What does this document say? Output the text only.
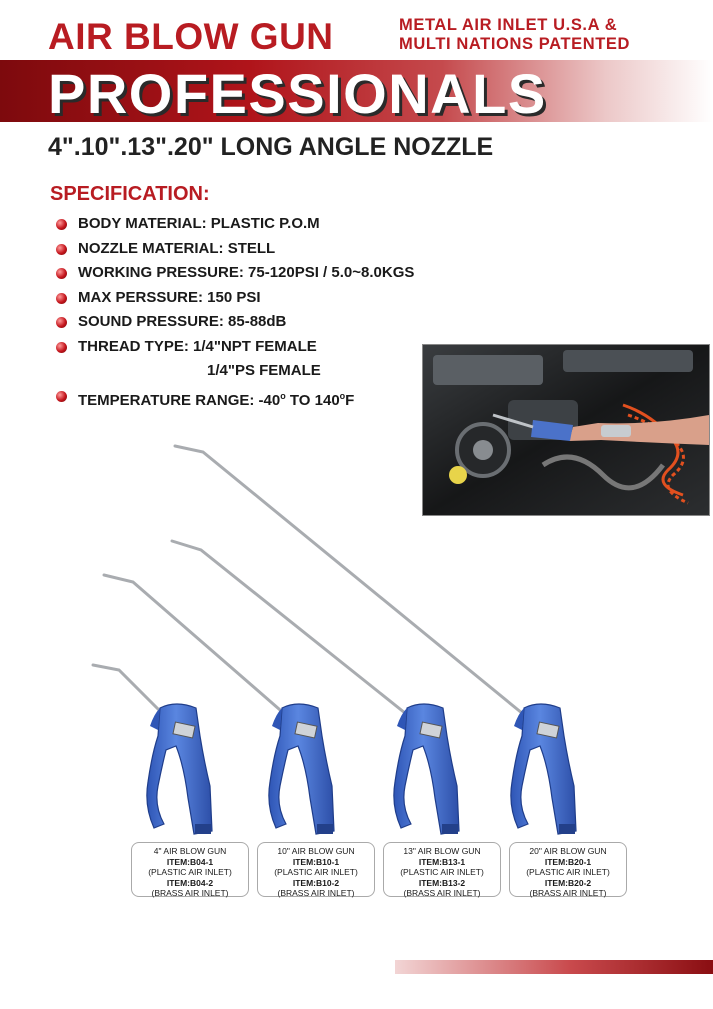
AIR BLOW GUN	METAL AIR INLET U.S.A &
MULTI NATIONS PATENTED
PROFESSIONALS
4".10".13".20" LONG ANGLE NOZZLE
SPECIFICATION:
BODY MATERIAL: PLASTIC P.O.M
NOZZLE MATERIAL: STELL
WORKING PRESSURE: 75-120PSI / 5.0~8.0KGS
MAX PERSSURE: 150 PSI
SOUND PRESSURE: 85-88dB
THREAD TYPE: 1/4"NPT FEMALE
1/4"PS FEMALE
TEMPERATURE RANGE: -40$^o$ TO 140$^o$F
4" AIR BLOW GUN
ITEM:B04-1
(PLASTIC AIR INLET)
ITEM:B04-2
(BRASS AIR INLET)
10" AIR BLOW GUN
ITEM:B10-1
(PLASTIC AIR INLET)
ITEM:B10-2
(BRASS AIR INLET)
13" AIR BLOW GUN
ITEM:B13-1
(PLASTIC AIR INLET)
ITEM:B13-2
(BRASS AIR INLET)
20" AIR BLOW GUN
ITEM:B20-1
(PLASTIC AIR INLET)
ITEM:B20-2
(BRASS AIR INLET)
